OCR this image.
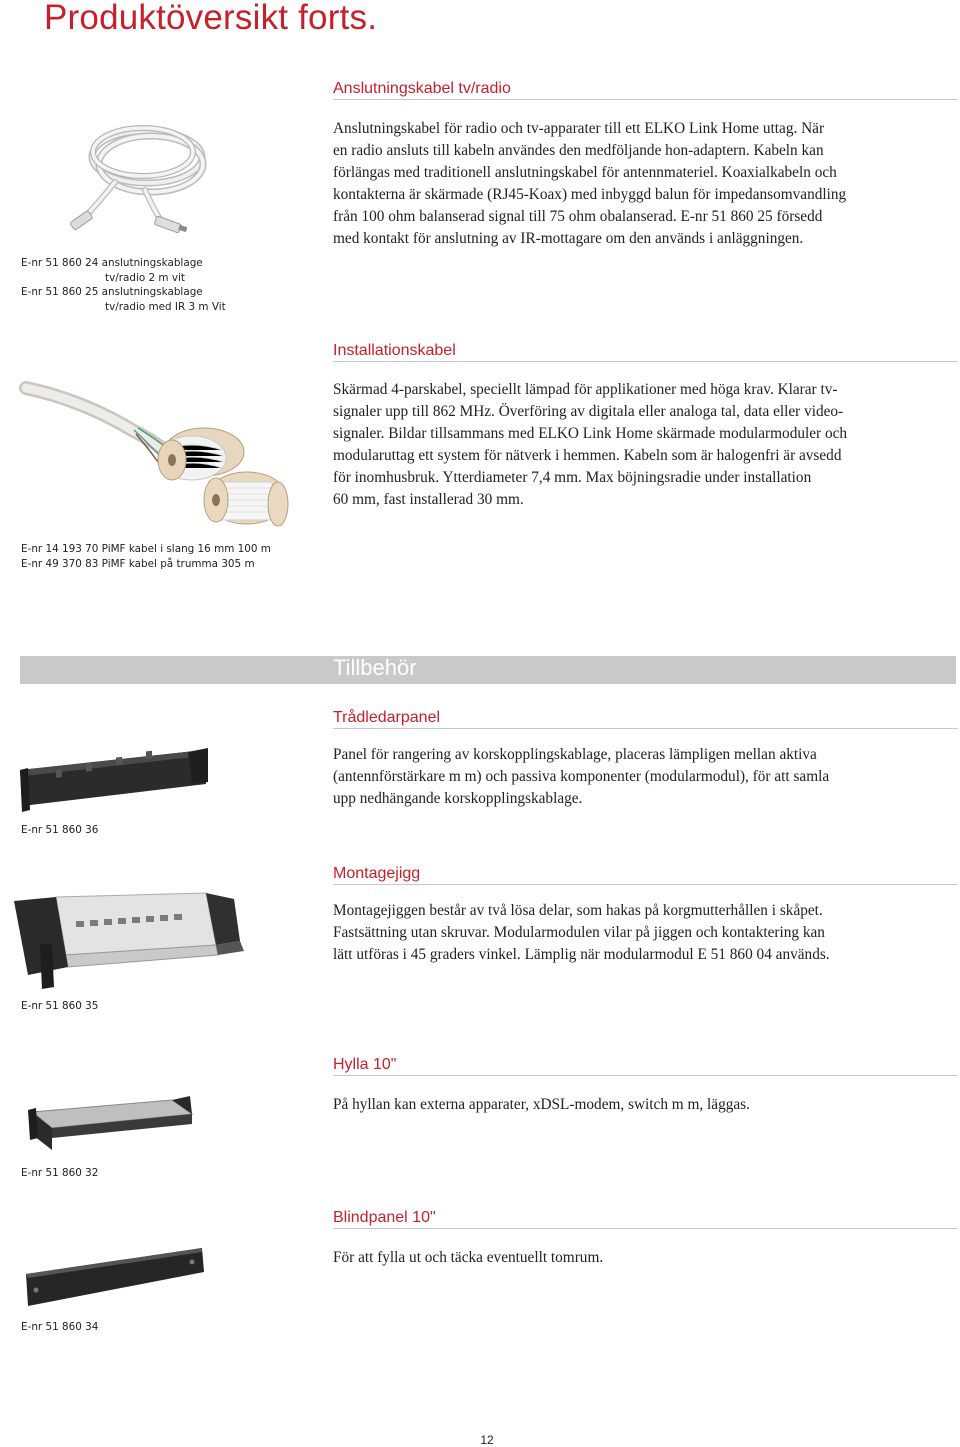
Produktöversikt forts.
Anslutningskabel tv/radio
Anslutningskabel för radio och tv-apparater till ett ELKO Link Home uttag. När
en radio ansluts till kabeln användes den medföljande hon-adaptern. Kabeln kan
förlängas med traditionell anslutningskabel för antennmateriel. Koaxialkabeln och
kontakterna är skärmade (RJ45-Koax) med inbyggd balun för impedansomvandling
från 100 ohm balanserad signal till 75 ohm obalanserad. E-nr 51 860 25 försedd
med kontakt för anslutning av IR-mottagare om den används i anläggningen.
E-nr 51 860 24 anslutningskablage
tv/radio 2 m vit
E-nr 51 860 25 anslutningskablage
tv/radio med IR 3 m Vit
Installationskabel
Skärmad 4-parskabel, speciellt lämpad för applikationer med höga krav. Klarar tv-
signaler upp till 862 MHz. Överföring av digitala eller analoga tal, data eller video-
signaler. Bildar tillsammans med ELKO Link Home skärmade modularmoduler och
modularuttag ett system för nätverk i hemmen. Kabeln som är halogenfri är avsedd
för inomhusbruk. Ytterdiameter 7,4 mm. Max böjningsradie under installation
60 mm, fast installerad 30 mm.
E-nr 14 193 70 PiMF kabel i slang 16 mm 100 m
E-nr 49 370 83 PiMF kabel på trumma 305 m
Tillbehör
Trådledarpanel
Panel för rangering av korskopplingskablage, placeras lämpligen mellan aktiva
(antennförstärkare m m) och passiva komponenter (modularmodul), för att samla
upp nedhängande korskopplingskablage.
E-nr 51 860 36
Montagejigg
Montagejiggen består av två lösa delar, som hakas på korgmutterhållen i skåpet.
Fastsättning utan skruvar. Modularmodulen vilar på jiggen och kontaktering kan
lätt utföras i 45 graders vinkel. Lämplig när modularmodul E 51 860 04 används.
E-nr 51 860 35
Hylla 10"
På hyllan kan externa apparater, xDSL-modem, switch m m, läggas.
E-nr 51 860 32
Blindpanel 10"
För att fylla ut och täcka eventuellt tomrum.
E-nr 51 860 34
12
